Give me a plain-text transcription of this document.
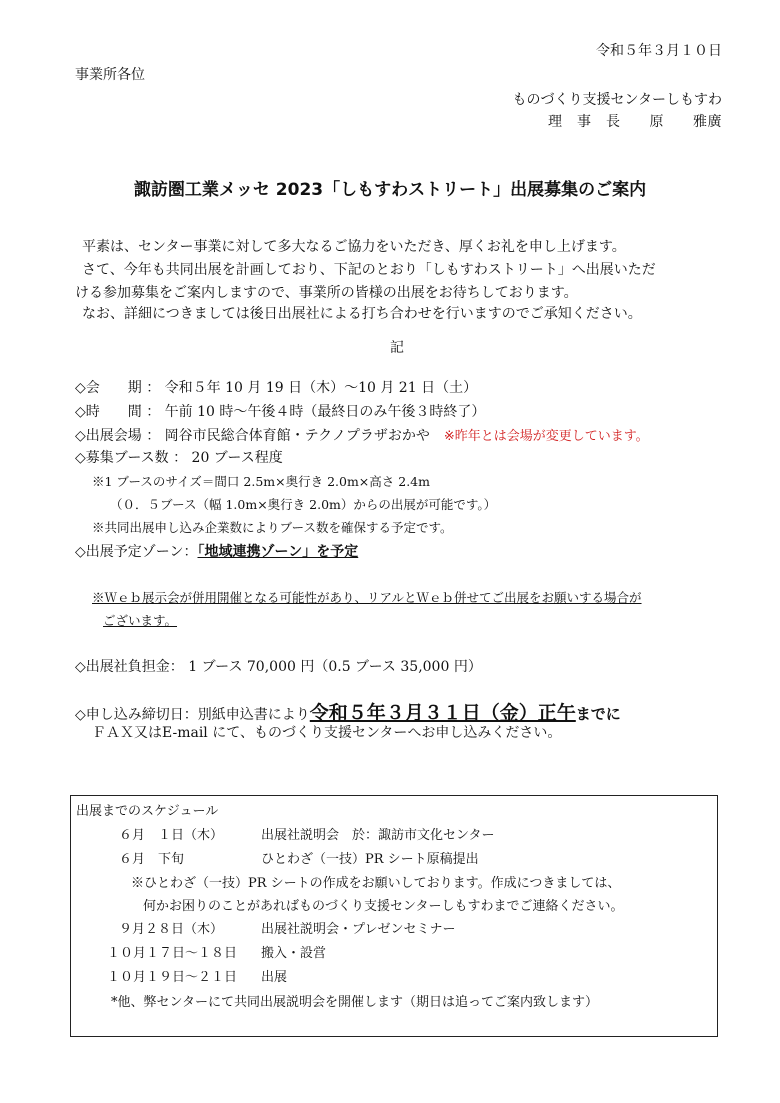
令和５年３月１０日
事業所各位
ものづくり支援センターしもすわ
理　事　長　　 原　　雅廣
諏訪圏工業メッセ 2023「しもすわストリート」出展募集のご案内
平素は、センター事業に対して多大なるご協力をいただき、厚くお礼を申し上げます。
さて、今年も共同出展を計画しており、下記のとおり「しもすわストリート」へ出展いただ
ける参加募集をご案内しますので、事業所の皆様の出展をお待ちしております。
なお、詳細につきましては後日出展社による打ち合わせを行いますのでご承知ください。
記
◇会　　期 ： 令和５年 10 月 19 日（木）～10 月 21 日（土）
◇時　　間 ： 午前 10 時～午後４時（最終日のみ午後３時終了）
◇出展会場 ： 岡谷市民総合体育館・テクノプラザおかや　 ※昨年とは会場が変更しています。
◇募集ブース数 ： 20 ブース程度
※1 ブースのサイズ＝間口 2.5m×奥行き 2.0m×高さ 2.4m
（０．５ブース（幅 1.0m×奥行き 2.0m）からの出展が可能です。）
※共同出展申し込み企業数によりブース数を確保する予定です。
◇出展予定ゾーン：「地域連携ゾーン」を予定
※Ｗｅｂ展示会が併用開催となる可能性があり、リアルとＷｅｂ併せてご出展をお願いする場合が
ございます。
◇出展社負担金： 1 ブース 70,000 円（0.5 ブース 35,000 円）
◇申し込み締切日：別紙申込書により令和５年３月３１日（金）正午までに
ＦＡＸ又はE-mail にて、ものづくり支援センターへお申し込みください。
出展までのスケジュール
６月　１日（木）	出展社説明会　於：諏訪市文化センター
６月　下旬	ひとわざ（一技）PR シート原稿提出
※ひとわざ（一技）PR シートの作成をお願いしております。作成につきましては、
何かお困りのことがあればものづくり支援センターしもすわまでご連絡ください。
９月２８日（木）	出展社説明会・プレゼンセミナー
１０月１７日～１８日 搬入・設営
１０月１９日～２１日 出展
*他、弊センターにて共同出展説明会を開催します（期日は追ってご案内致します）
